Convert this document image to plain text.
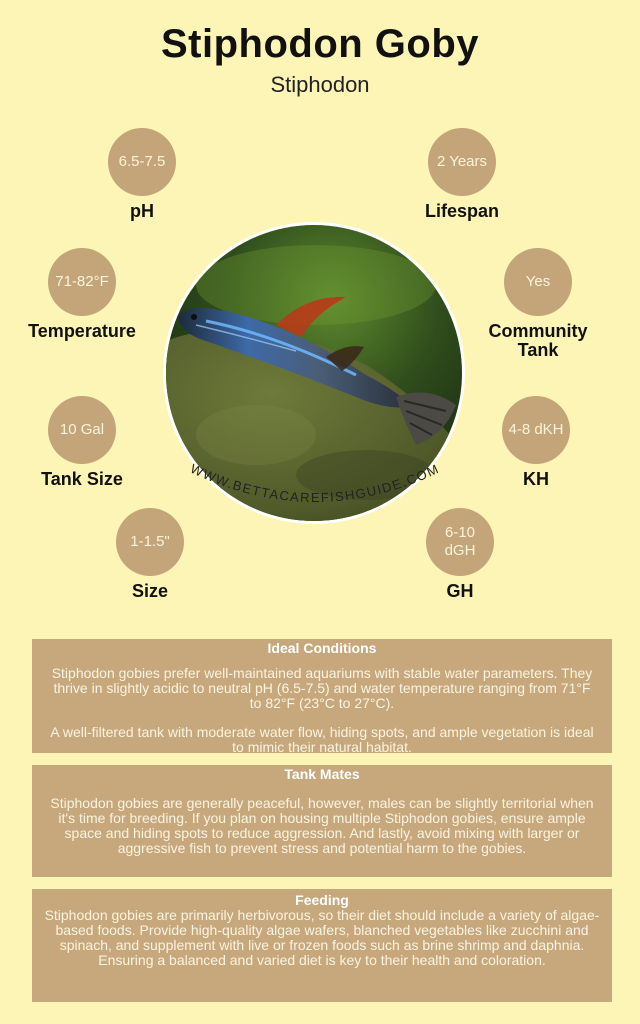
Stiphodon Goby
Stiphodon
6.5-7.5
pH
2 Years
Lifespan
71-82°F
Temperature
Yes
Community Tank
10 Gal
Tank Size
4-8 dKH
KH
1-1.5"
Size
6-10 dGH
GH
WWW.BETTACAREFISHGUIDE.COM
Ideal Conditions

Stiphodon gobies prefer well-maintained aquariums with stable water parameters. They thrive in slightly acidic to neutral pH (6.5-7.5) and water temperature ranging from 71°F to 82°F (23°C to 27°C).

A well-filtered tank with moderate water flow, hiding spots, and ample vegetation is ideal to mimic their natural habitat.

Tank Mates

Stiphodon gobies are generally peaceful, however, males can be slightly territorial when it's time for breeding. If you plan on housing multiple Stiphodon gobies, ensure ample space and hiding spots to reduce aggression. And lastly, avoid mixing with larger or aggressive fish to prevent stress and potential harm to the gobies.

Feeding

Stiphodon gobies are primarily herbivorous, so their diet should include a variety of algae-based foods. Provide high-quality algae wafers, blanched vegetables like zucchini and spinach, and supplement with live or frozen foods such as brine shrimp and daphnia. Ensuring a balanced and varied diet is key to their health and coloration.
